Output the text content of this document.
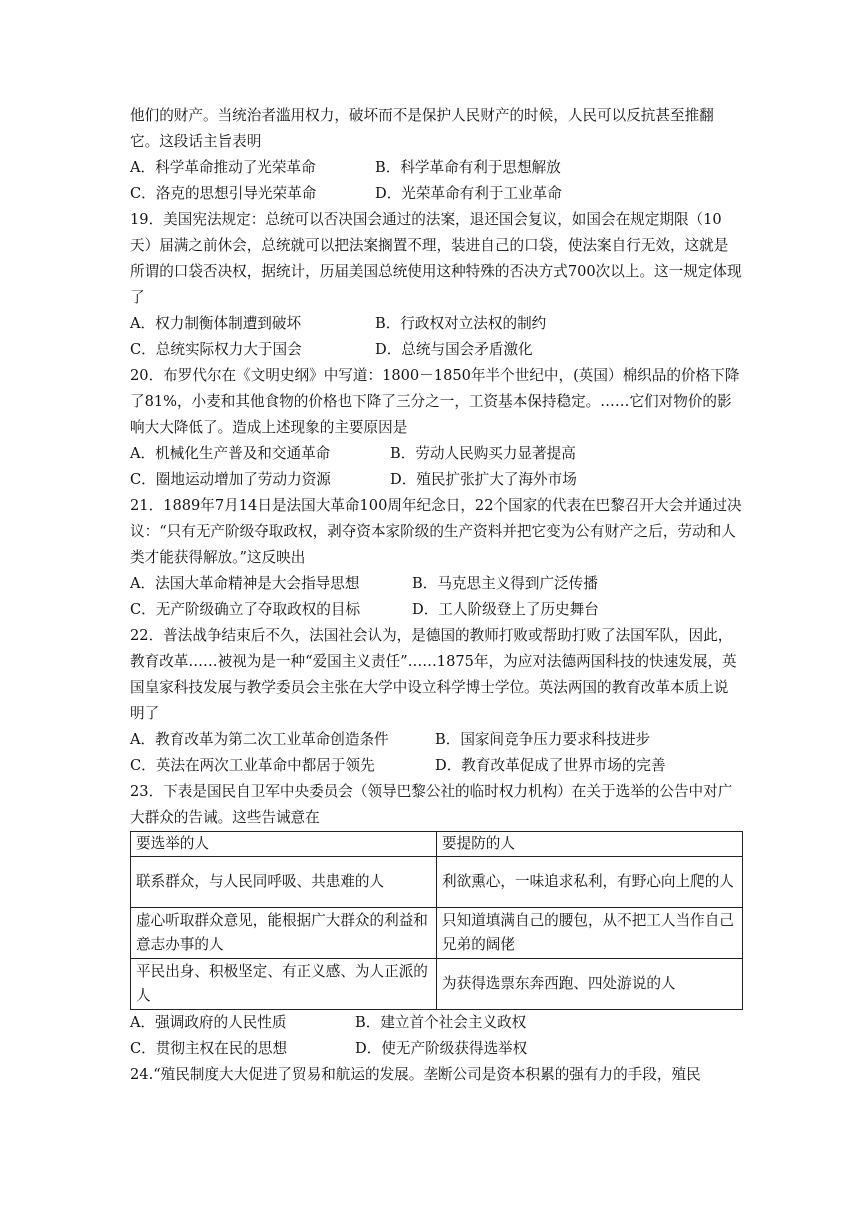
他们的财产。当统治者滥用权力，破坏而不是保护人民财产的时候，人民可以反抗甚至推翻它。这段话主旨表明

A．科学革命推动了光荣革命	B．科学革命有利于思想解放
C．洛克的思想引导光荣革命	D．光荣革命有利于工业革命

19．美国宪法规定：总统可以否决国会通过的法案，退还国会复议，如国会在规定期限（10天）届满之前休会，总统就可以把法案搁置不理，装进自己的口袋，使法案自行无效，这就是所谓的口袋否决权，据统计，历届美国总统使用这种特殊的否决方式700次以上。这一规定体现了

A．权力制衡体制遭到破坏	B．行政权对立法权的制约
C．总统实际权力大于国会	D．总统与国会矛盾激化

20．布罗代尔在《文明史纲》中写道：1800－1850年半个世纪中，(英国）棉织品的价格下降了81%，小麦和其他食物的价格也下降了三分之一，工资基本保持稳定。……它们对物价的影响大大降低了。造成上述现象的主要原因是

A．机械化生产普及和交通革命	B．劳动人民购买力显著提高
C．圈地运动增加了劳动力资源	D．殖民扩张扩大了海外市场

21．1889年7月14日是法国大革命100周年纪念日，22个国家的代表在巴黎召开大会并通过决议：“只有无产阶级夺取政权，剥夺资本家阶级的生产资料并把它变为公有财产之后，劳动和人类才能获得解放。”这反映出

A．法国大革命精神是大会指导思想	B．马克思主义得到广泛传播
C．无产阶级确立了夺取政权的目标	D．工人阶级登上了历史舞台

22．普法战争结束后不久，法国社会认为，是德国的教师打败或帮助打败了法国军队，因此，教育改革……被视为是一种“爱国主义责任”……1875年，为应对法德两国科技的快速发展，英国皇家科技发展与教学委员会主张在大学中设立科学博士学位。英法两国的教育改革本质上说明了

A．教育改革为第二次工业革命创造条件	B．国家间竞争压力要求科技进步
C．英法在两次工业革命中都居于领先	D．教育改革促成了世界市场的完善

23．下表是国民自卫军中央委员会（领导巴黎公社的临时权力机构）在关于选举的公告中对广大群众的告诫。这些告诫意在

要选举的人	要提防的人
联系群众，与人民同呼吸、共患难的人	利欲熏心，一味追求私利，有野心向上爬的人
虚心听取群众意见，能根据广大群众的利益和意志办事的人	只知道填满自己的腰包，从不把工人当作自己兄弟的阔佬
平民出身、积极坚定、有正义感、为人正派的人	为获得选票东奔西跑、四处游说的人
A．强调政府的人民性质	B．建立首个社会主义政权
C．贯彻主权在民的思想	D．使无产阶级获得选举权

24.“殖民制度大大促进了贸易和航运的发展。垄断公司是资本积累的强有力的手段，殖民
